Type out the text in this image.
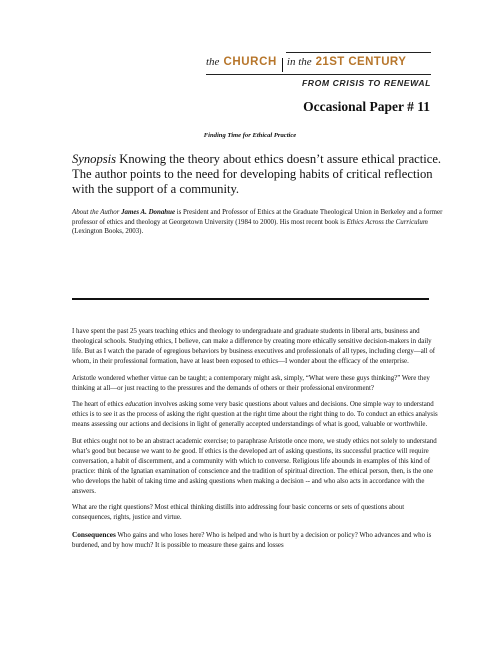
the CHURCH in the 21ST CENTURY
FROM CRISIS TO RENEWAL
Occasional Paper # 11
Finding Time for Ethical Practice
Synopsis Knowing the theory about ethics doesn’t assure ethical practice. The author points to the need for developing habits of critical reflection with the support of a community.
About the Author James A. Donahue is President and Professor of Ethics at the Graduate Theological Union in Berkeley and a former professor of ethics and theology at Georgetown University (1984 to 2000). His most recent book is Ethics Across the Curriculum (Lexington Books, 2003).

I have spent the past 25 years teaching ethics and theology to undergraduate and graduate students in liberal arts, business and theological schools. Studying ethics, I believe, can make a difference by creating more ethically sensitive decision-makers in daily life. But as I watch the parade of egregious behaviors by business executives and professionals of all types, including clergy—all of whom, in their professional formation, have at least been exposed to ethics—I wonder about the efficacy of the enterprise.

Aristotle wondered whether virtue can be taught; a contemporary might ask, simply, “What were these guys thinking?” Were they thinking at all—or just reacting to the pressures and the demands of others or their professional environment?

The heart of ethics education involves asking some very basic questions about values and decisions. One simple way to understand ethics is to see it as the process of asking the right question at the right time about the right thing to do. To conduct an ethics analysis means assessing our actions and decisions in light of generally accepted understandings of what is good, valuable or worthwhile.

But ethics ought not to be an abstract academic exercise; to paraphrase Aristotle once more, we study ethics not solely to understand what’s good but because we want to be good. If ethics is the developed art of asking questions, its successful practice will require conversation, a habit of discernment, and a community with which to converse. Religious life abounds in examples of this kind of practice: think of the Ignatian examination of conscience and the tradition of spiritual direction. The ethical person, then, is the one who develops the habit of taking time and asking questions when making a decision -- and who also acts in accordance with the answers.

What are the right questions? Most ethical thinking distills into addressing four basic concerns or sets of questions about consequences, rights, justice and virtue.

Consequences Who gains and who loses here? Who is helped and who is hurt by a decision or policy? Who advances and who is burdened, and by how much? It is possible to measure these gains and losses
